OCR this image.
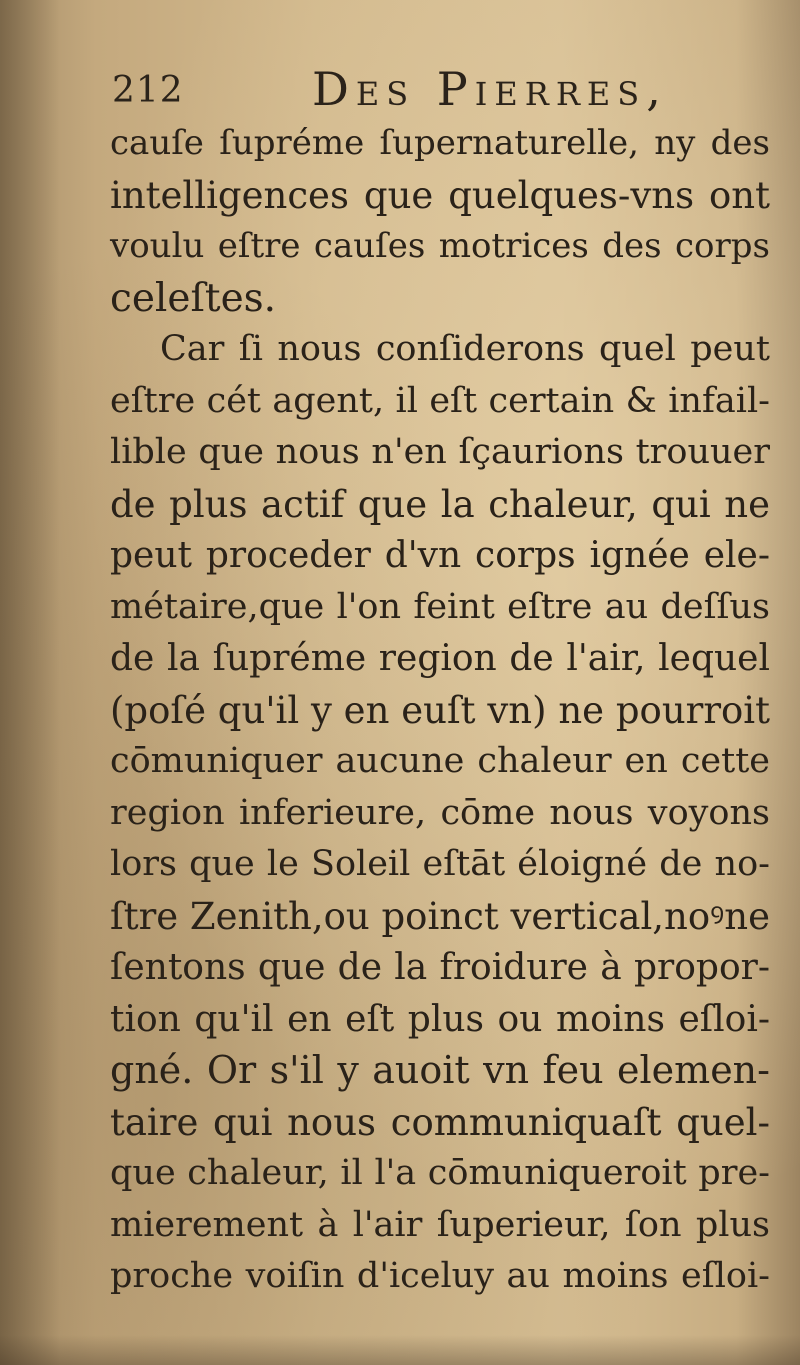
212	Des Pierres,
cauſe ſupréme ſupernaturelle, ny des
intelligences que quelques-vns ont
voulu eſtre cauſes motrices des corps
celeſtes.
Car ſi nous conſiderons quel peut
eſtre cét agent, il eſt certain & infail-
lible que nous n'en ſçaurions trouuer
de plus actif que la chaleur, qui ne
peut proceder d'vn corps ignée ele-
métaire,que l'on feint eſtre au deſſus
de la ſupréme region de l'air, lequel
(poſé qu'il y en euſt vn) ne pourroit
cōmuniquer aucune chaleur en cette
region inferieure, cōme nous voyons
lors que le Soleil eſtāt éloigné de no-
ſtre Zenith,ou poinct vertical,noꝰne
ſentons que de la froidure à propor-
tion qu'il en eſt plus ou moins eſloi-
gné. Or s'il y auoit vn feu elemen-
taire qui nous communiquaſt quel-
que chaleur, il l'a cōmuniqueroit pre-
mierement à l'air ſuperieur, ſon plus
proche voiſin d'iceluy au moins eſloi-
